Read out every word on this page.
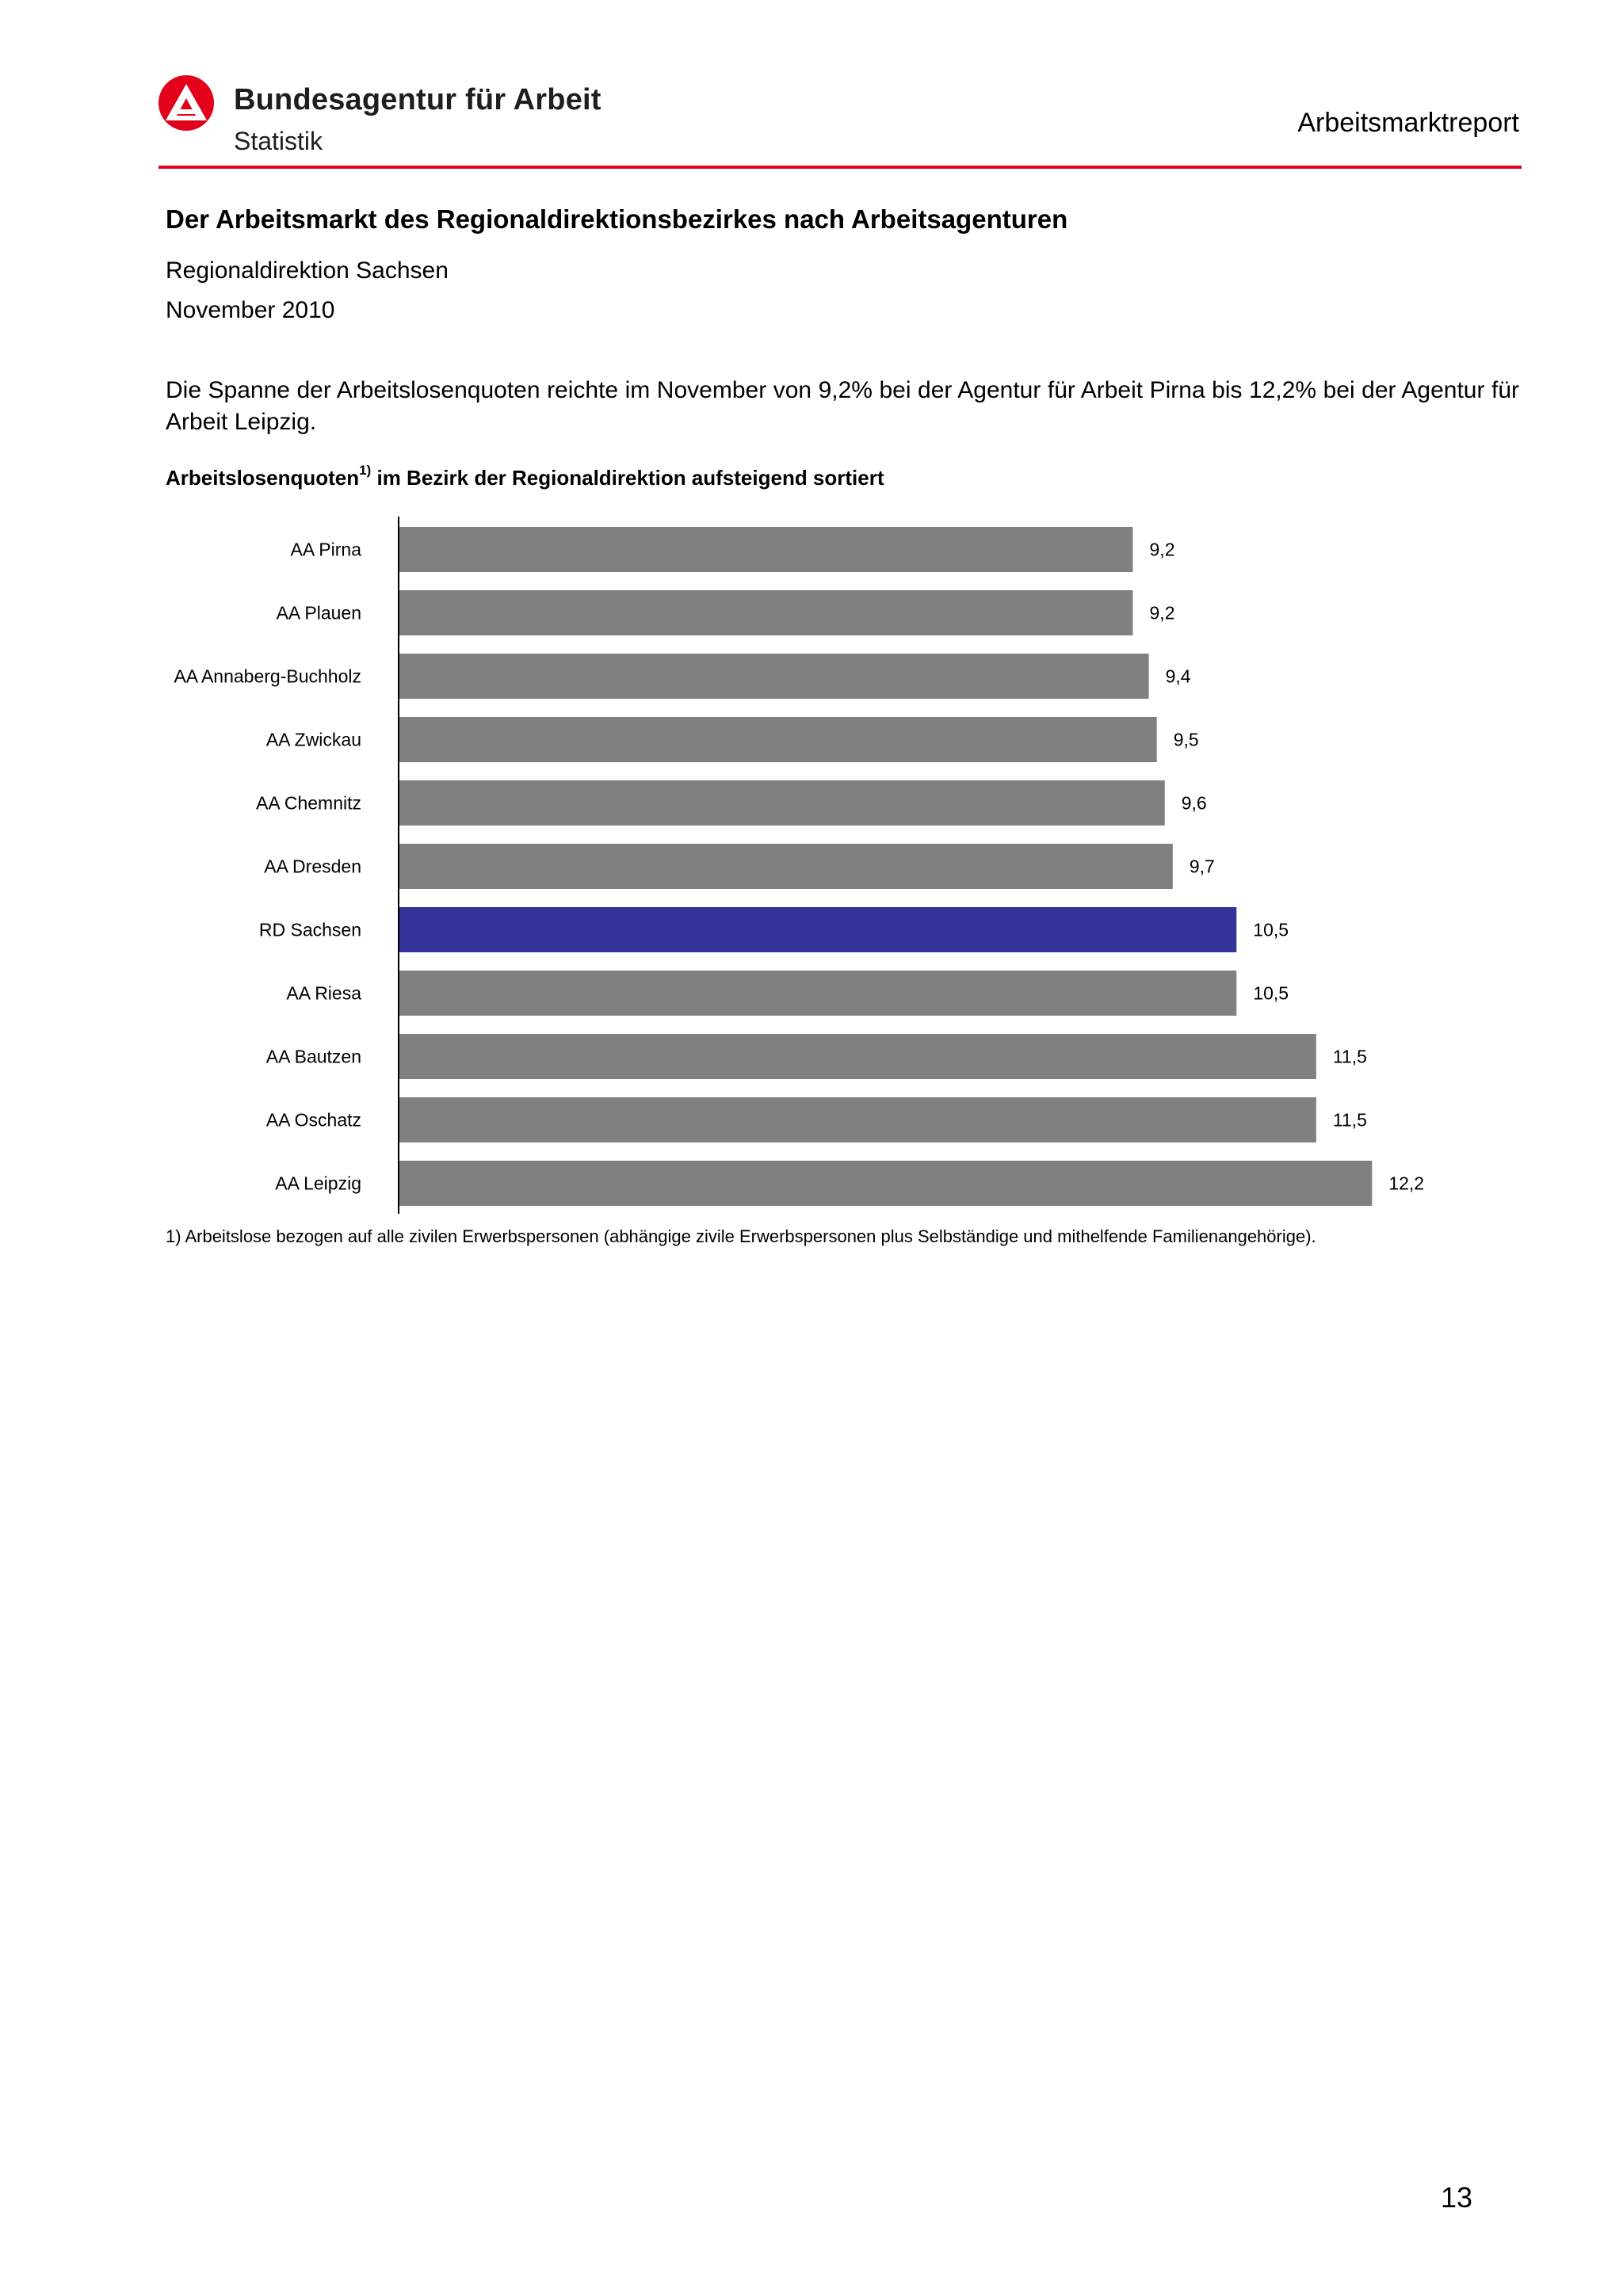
Bundesagentur für Arbeit
Statistik
Arbeitsmarktreport
Der Arbeitsmarkt des Regionaldirektionsbezirkes nach Arbeitsagenturen
Regionaldirektion Sachsen
November 2010
Die Spanne der Arbeitslosenquoten reichte im November von 9,2% bei der Agentur für Arbeit Pirna bis 12,2% bei der Agentur für Arbeit Leipzig.
Arbeitslosenquoten$^{1)}$ im Bezirk der Regionaldirektion aufsteigend sortiert
AA Pirna	9,2
AA Plauen	9,2
AA Annaberg-Buchholz	9,4
AA Zwickau	9,5
AA Chemnitz	9,6
AA Dresden	9,7
RD Sachsen	10,5
AA Riesa	10,5
AA Bautzen	11,5
AA Oschatz	11,5
AA Leipzig	12,2
1) Arbeitslose bezogen auf alle zivilen Erwerbspersonen (abhängige zivile Erwerbspersonen plus Selbständige und mithelfende Familienangehörige).
13
